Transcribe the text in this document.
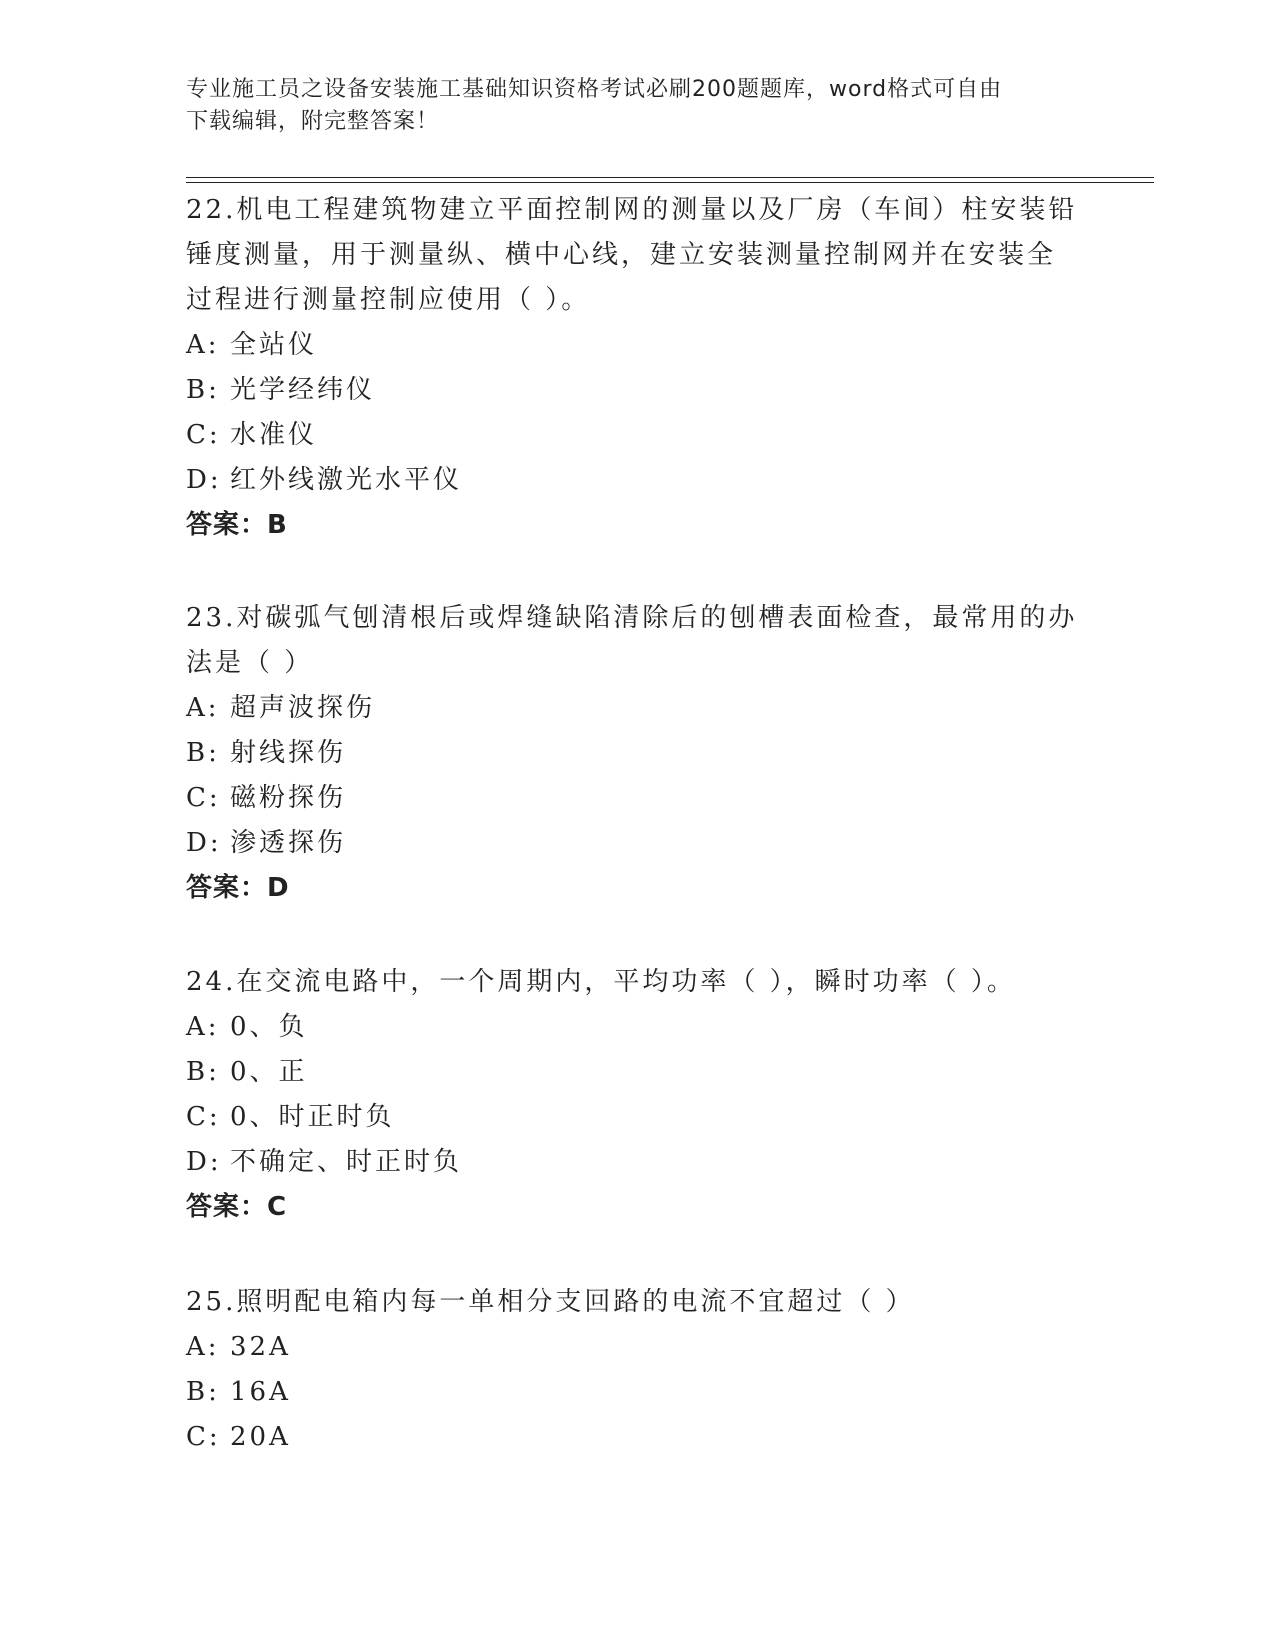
专业施工员之设备安装施工基础知识资格考试必刷200题题库，word格式可自由
下载编辑，附完整答案！
22.机电工程建筑物建立平面控制网的测量以及厂房（车间）柱安装铅
锤度测量，用于测量纵、横中心线，建立安装测量控制网并在安装全
过程进行测量控制应使用（ ）。
A: 全站仪
B: 光学经纬仪
C: 水准仪
D: 红外线激光水平仪
答案：B
23.对碳弧气刨清根后或焊缝缺陷清除后的刨槽表面检查，最常用的办
法是（ ）
A: 超声波探伤
B: 射线探伤
C: 磁粉探伤
D: 渗透探伤
答案：D
24.在交流电路中，一个周期内，平均功率（ ），瞬时功率（ ）。
A: 0、负
B: 0、正
C: 0、时正时负
D: 不确定、时正时负
答案：C
25.照明配电箱内每一单相分支回路的电流不宜超过（ ）
A: 32A
B: 16A
C: 20A
